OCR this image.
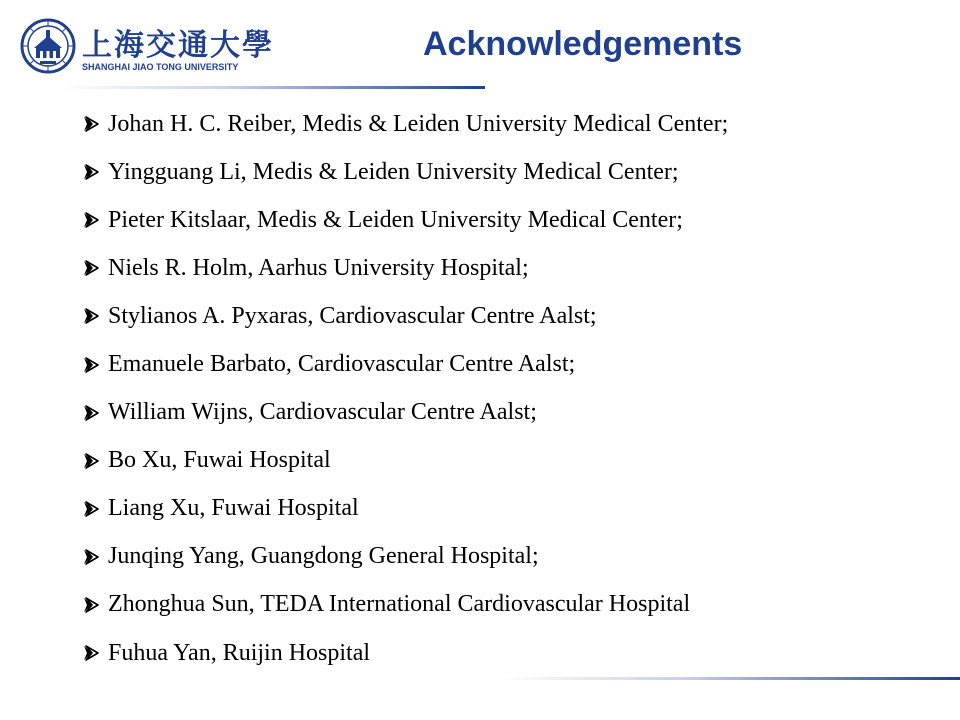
上海交通大學
SHANGHAI JIAO TONG UNIVERSITY
Acknowledgements
Johan H. C. Reiber, Medis & Leiden University Medical Center;
Yingguang Li, Medis & Leiden University Medical Center;
Pieter Kitslaar, Medis & Leiden University Medical Center;
Niels R. Holm, Aarhus University Hospital;
Stylianos A. Pyxaras, Cardiovascular Centre Aalst;
Emanuele Barbato, Cardiovascular Centre Aalst;
William Wijns, Cardiovascular Centre Aalst;
Bo Xu, Fuwai Hospital
Liang Xu, Fuwai Hospital
Junqing Yang, Guangdong General Hospital;
Zhonghua Sun, TEDA International Cardiovascular Hospital
Fuhua Yan, Ruijin Hospital
